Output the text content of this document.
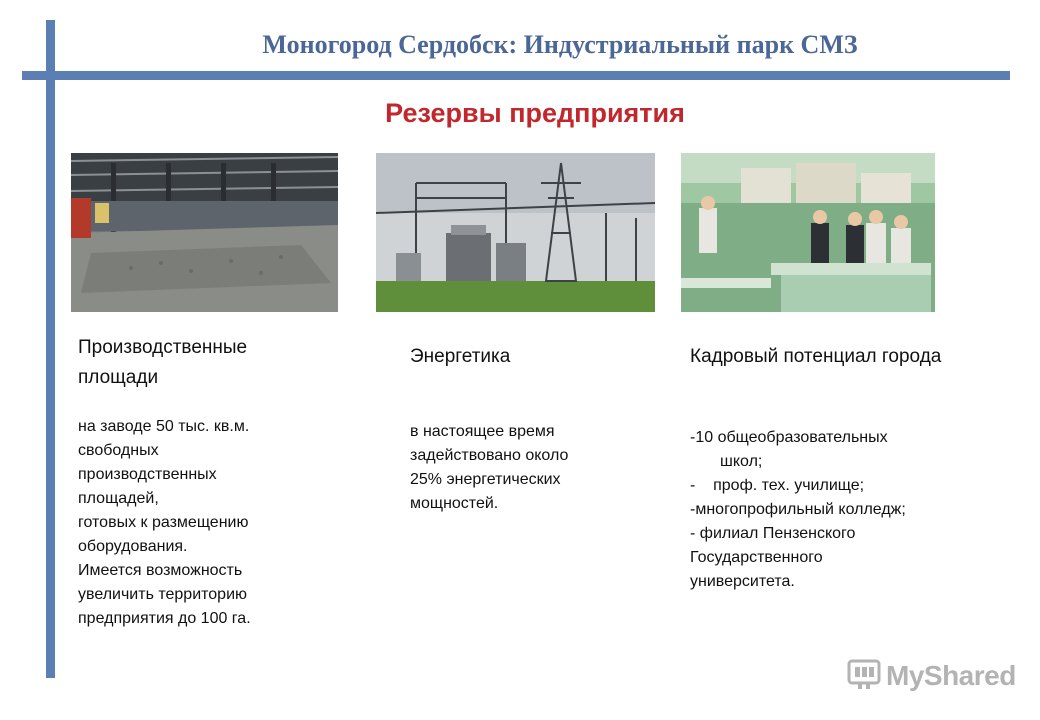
Моногород Сердобск: Индустриальный парк СМЗ
Резервы предприятия
Производственные площади
на заводе 50 тыс. кв.м.
свободных
производственных
площадей,
готовых к размещению
оборудования.
Имеется возможность
увеличить территорию
предприятия до 100 га.
Энергетика
в настоящее время
задействовано около
25% энергетических
мощностей.
Кадровый потенциал города
-10 общеобразовательных
школ;
-    проф. тех. училище;
-многопрофильный колледж;
- филиал Пензенского
Государственного
университета.
MyShared
